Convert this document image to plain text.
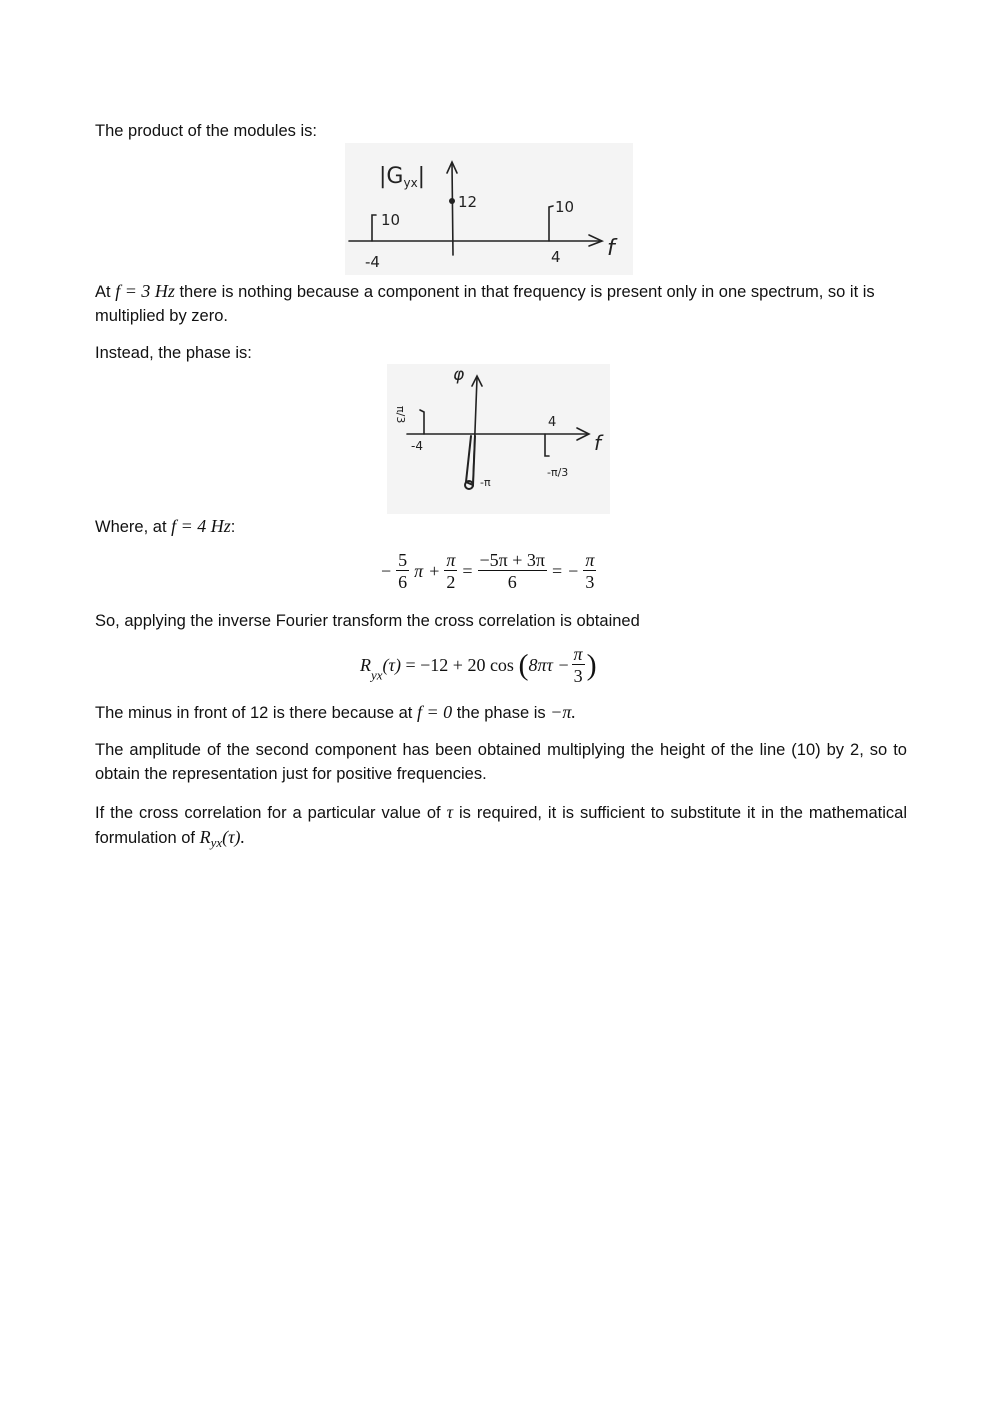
The product of the modules is:

|Gyx|
10
12	10
-4	4 f

At f = 3 Hz there is nothing because a component in that frequency is present only in one spectrum, so it is multiplied by zero.

Instead, the phase is:

φ
π/3
-4
4
-π
-π/3
f

Where, at f = 4 Hz:

− $\frac{5}{6}$ $\pi + \frac{\pi}{2} = \frac{-5\pi + 3\pi}{6}$ = − $\frac{\pi}{3}$

So, applying the inverse Fourier transform the cross correlation is obtained

$R_{yx}(\tau) = -12 + 20$ $\cos (8\pi\tau - \frac{\pi}{3}$ )

The minus in front of 12 is there because at f = 0 the phase is −π.

The amplitude of the second component has been obtained multiplying the height of the line (10) by 2, so to obtain the representation just for positive frequencies.

If the cross correlation for a particular value of τ is required, it is sufficient to substitute it in the mathematical formulation of $R_{yx}(\tau)$.
